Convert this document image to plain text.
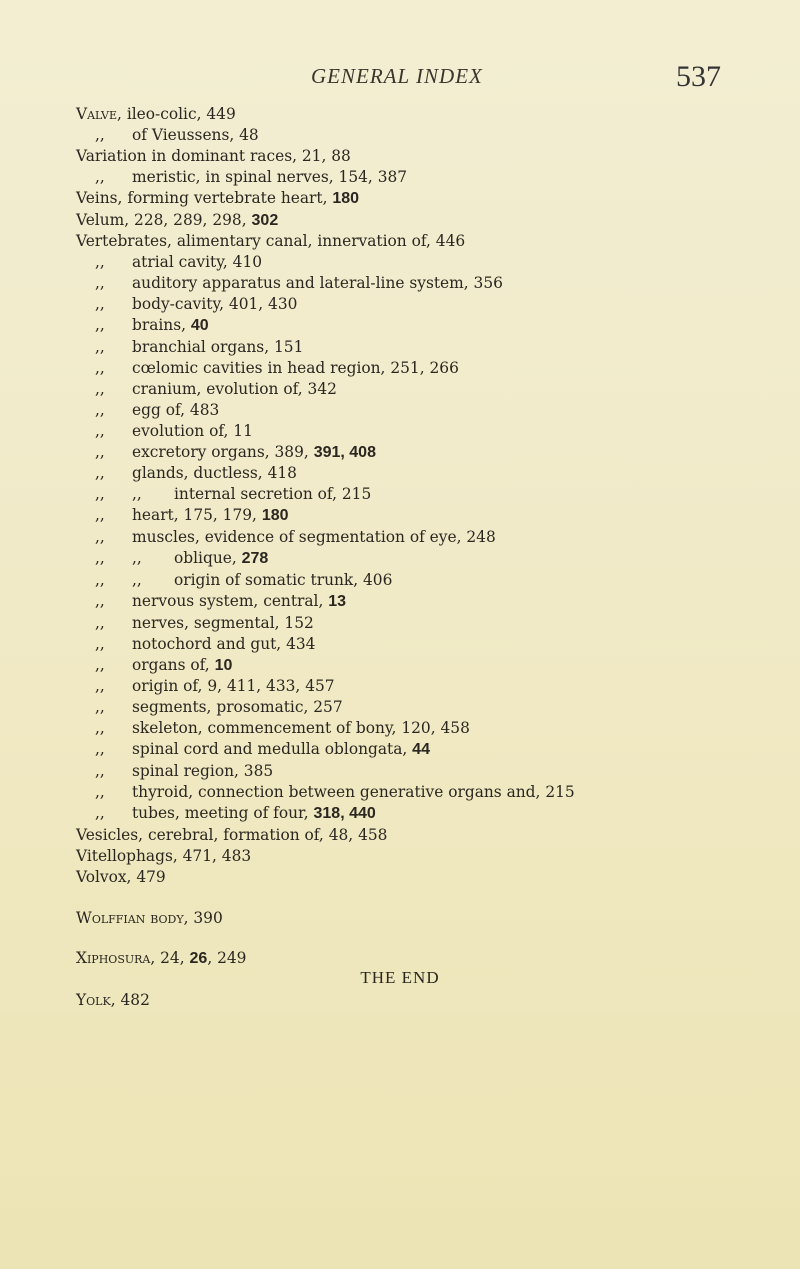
GENERAL INDEX	537
Valve, ileo-colic, 449
,, of Vieussens, 48
Variation in dominant races, 21, 88
,, meristic, in spinal nerves, 154, 387
Veins, forming vertebrate heart, 180
Velum, 228, 289, 298, 302
Vertebrates, alimentary canal, innervation of, 446
,, atrial cavity, 410
,, auditory apparatus and lateral-line system, 356
,, body-cavity, 401, 430
,, brains, 40
,, branchial organs, 151
,, cœlomic cavities in head region, 251, 266
,, cranium, evolution of, 342
,, egg of, 483
,, evolution of, 11
,, excretory organs, 389, 391, 408
,, glands, ductless, 418
,, ,, internal secretion of, 215
,, heart, 175, 179, 180
,, muscles, evidence of segmentation of eye, 248
,, ,, oblique, 278
,, ,, origin of somatic trunk, 406
,, nervous system, central, 13
,, nerves, segmental, 152
,, notochord and gut, 434
,, organs of, 10
,, origin of, 9, 411, 433, 457
,, segments, prosomatic, 257
,, skeleton, commencement of bony, 120, 458
,, spinal cord and medulla oblongata, 44
,, spinal region, 385
,, thyroid, connection between generative organs and, 215
,, tubes, meeting of four, 318, 440
Vesicles, cerebral, formation of, 48, 458
Vitellophags, 471, 483
Volvox, 479
Wolffian body, 390
Xiphosura, 24, 26, 249
Yolk, 482
THE END
